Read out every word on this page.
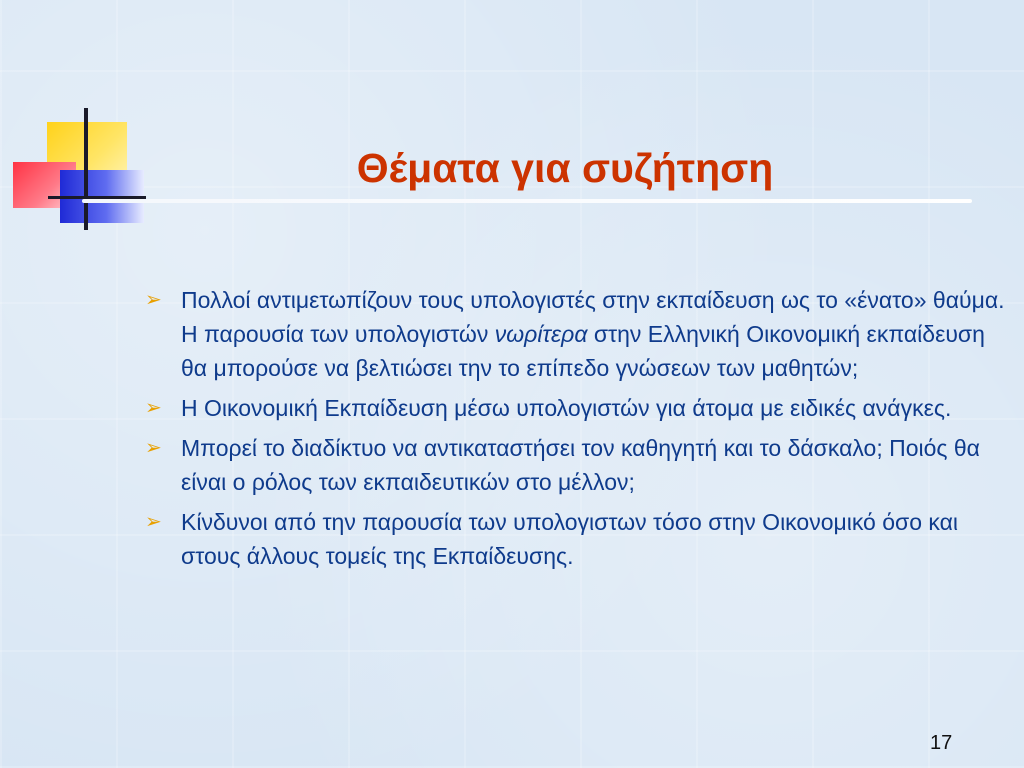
Θέματα για συζήτηση
➢ Πολλοί αντιμετωπίζουν τους υπολογιστές στην εκπαίδευση ως το «ένατο» θαύμα. Η παρουσία των υπολογιστών νωρίτερα στην Ελληνική Οικονομική εκπαίδευση θα μπορούσε να βελτιώσει την το επίπεδο γνώσεων των μαθητών;
➢ Η Οικονομική Εκπαίδευση μέσω υπολογιστών για άτομα με ειδικές ανάγκες.
➢ Μπορεί το διαδίκτυο να αντικαταστήσει τον καθηγητή και το δάσκαλο; Ποιός θα είναι ο ρόλος των εκπαιδευτικών στο μέλλον;
➢ Κίνδυνοι από την παρουσία των υπολογιστων τόσο στην Οικονομικό όσο και στους άλλους τομείς της Εκπαίδευσης.
17
